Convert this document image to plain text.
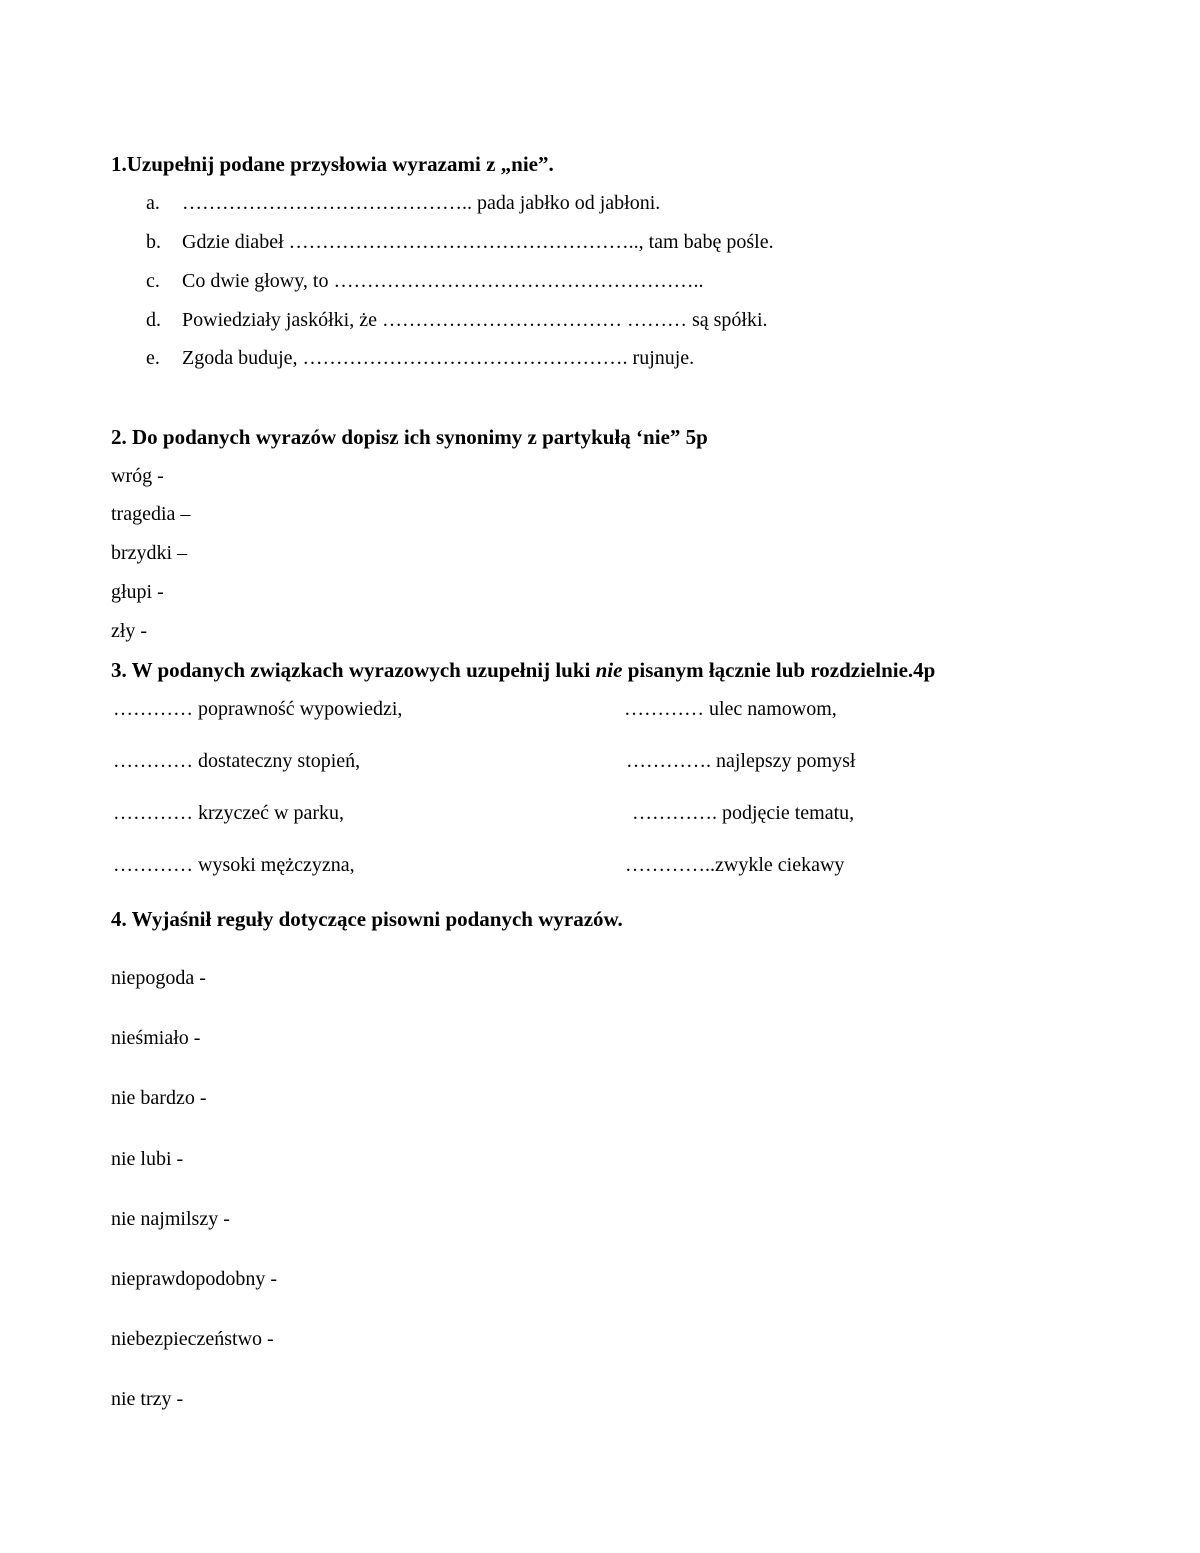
1.Uzupełnij podane przysłowia wyrazami z „nie”.
a. …………………………………….. pada jabłko od jabłoni.
b. Gdzie diabeł …………………………………………….., tam babę pośle.
c. Co dwie głowy, to ………………………………………………..
d. Powiedziały jaskółki, że ……………………………… ……… są spółki.
e. Zgoda buduje, …………………………………………. rujnuje.
2. Do podanych wyrazów dopisz ich synonimy z partykułą ‘nie” 5p
wróg -
tragedia –
brzydki –
głupi -
zły -
3. W podanych związkach wyrazowych uzupełnij luki nie pisanym łącznie lub rozdzielnie.4p
………… poprawność wypowiedzi,	………… ulec namowom,
………… dostateczny stopień,	…………. najlepszy pomysł
………… krzyczeć w parku,	…………. podjęcie tematu,
………… wysoki mężczyzna,	…………..zwykle ciekawy
4. Wyjaśnił reguły dotyczące pisowni podanych wyrazów.
niepogoda -
nieśmiało -
nie bardzo -
nie lubi -
nie najmilszy -
nieprawdopodobny -
niebezpieczeństwo -
nie trzy -
